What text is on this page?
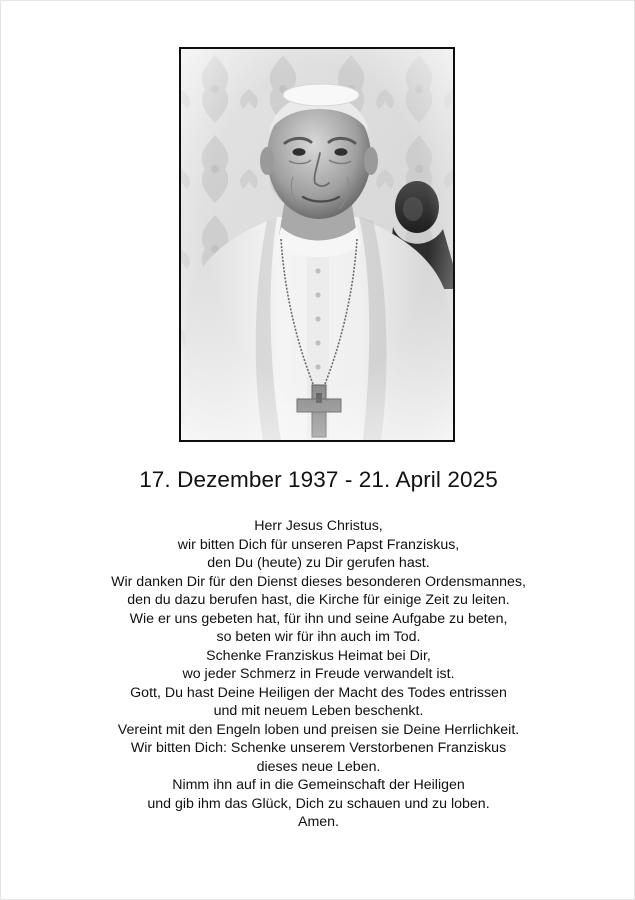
17. Dezember 1937 - 21. April 2025
Herr Jesus Christus,
wir bitten Dich für unseren Papst Franziskus,
den Du (heute) zu Dir gerufen hast.
Wir danken Dir für den Dienst dieses besonderen Ordensmannes,
den du dazu berufen hast, die Kirche für einige Zeit zu leiten.
Wie er uns gebeten hat, für ihn und seine Aufgabe zu beten,
so beten wir für ihn auch im Tod.
Schenke Franziskus Heimat bei Dir,
wo jeder Schmerz in Freude verwandelt ist.
Gott, Du hast Deine Heiligen der Macht des Todes entrissen
und mit neuem Leben beschenkt.
Vereint mit den Engeln loben und preisen sie Deine Herrlichkeit.
Wir bitten Dich: Schenke unserem Verstorbenen Franziskus
dieses neue Leben.
Nimm ihn auf in die Gemeinschaft der Heiligen
und gib ihm das Glück, Dich zu schauen und zu loben.
Amen.
